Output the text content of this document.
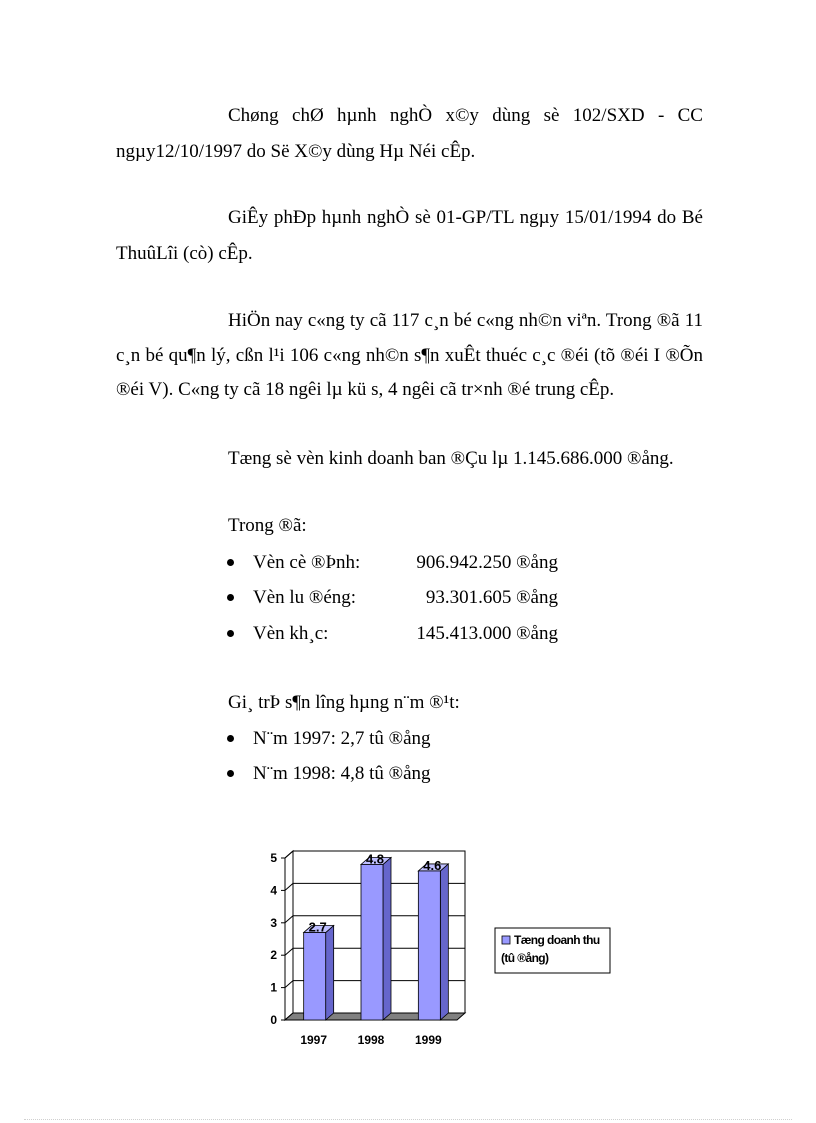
Chøng chØ hµnh nghÒ x©y dùng sè 102/SXD - CC
ngµy12/10/1997 do Së X©y dùng Hµ Néi cÊp.
GiÊy phÐp hµnh nghÒ sè 01-GP/TL ngµy 15/01/1994 do Bé
ThuûLîi (cò) cÊp.
HiÖn nay c«ng ty cã 117 c¸n bé c«ng nh©n viªn. Trong ®ã 11
c¸n bé qu¶n lý, cßn l¹i 106 c«ng nh©n s¶n xuÊt thuéc c¸c ®éi (tõ ®éi I ®Õn
®éi V). C«ng ty cã 18 ngêi lµ kü s, 4 ngêi cã tr×nh ®é trung cÊp.
Tæng sè vèn kinh doanh ban ®Çu lµ 1.145.686.000 ®ång.
Trong ®ã:
Vèn cè ®Þnh:	906.942.250 ®ång
Vèn lu ®éng:	93.301.605 ®ång
Vèn kh¸c:	145.413.000 ®ång
Gi¸ trÞ s¶n lîng hµng n¨m ®¹t:
N¨m 1997: 2,7 tû ®ång
N¨m 1998: 4,8 tû ®ång
0
1
2
3
4
5
1997	1998	1999
2.7
4.8	4.6
Tæng doanh thu
(tû ®ång)
